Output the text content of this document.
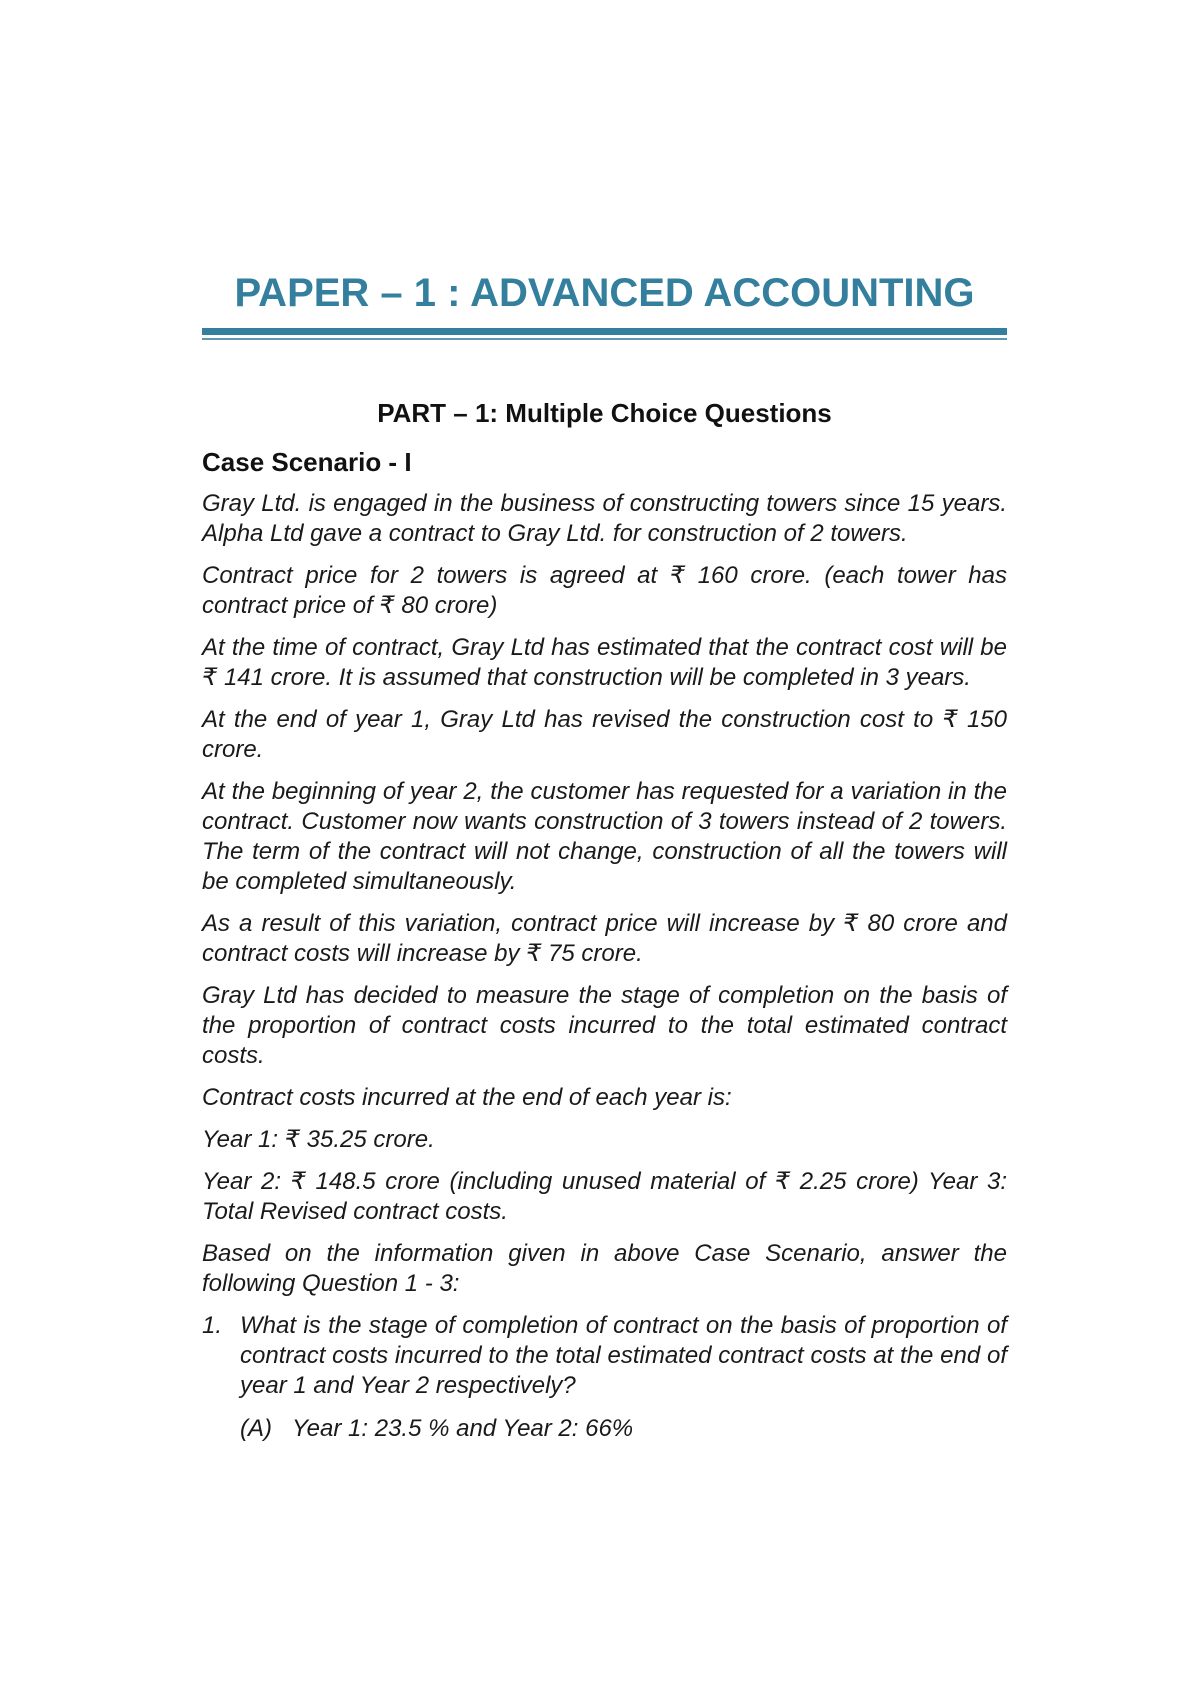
PAPER – 1 : ADVANCED ACCOUNTING
PART – 1: Multiple Choice Questions
Case Scenario - I

Gray Ltd. is engaged in the business of constructing towers since 15 years. Alpha Ltd gave a contract to Gray Ltd. for construction of 2 towers.

Contract price for 2 towers is agreed at ₹ 160 crore. (each tower has contract price of ₹ 80 crore)

At the time of contract, Gray Ltd has estimated that the contract cost will be ₹ 141 crore. It is assumed that construction will be completed in 3 years.

At the end of year 1, Gray Ltd has revised the construction cost to ₹ 150 crore.

At the beginning of year 2, the customer has requested for a variation in the contract. Customer now wants construction of 3 towers instead of 2 towers. The term of the contract will not change, construction of all the towers will be completed simultaneously.

As a result of this variation, contract price will increase by ₹ 80 crore and contract costs will increase by ₹ 75 crore.

Gray Ltd has decided to measure the stage of completion on the basis of the proportion of contract costs incurred to the total estimated contract costs.

Contract costs incurred at the end of each year is:

Year 1: ₹ 35.25 crore.

Year 2: ₹ 148.5 crore (including unused material of ₹ 2.25 crore) Year 3: Total Revised contract costs.

Based on the information given in above Case Scenario, answer the following Question 1 - 3:

1. What is the stage of completion of contract on the basis of proportion of contract costs incurred to the total estimated contract costs at the end of year 1 and Year 2 respectively?
(A) Year 1: 23.5 % and Year 2: 66%
